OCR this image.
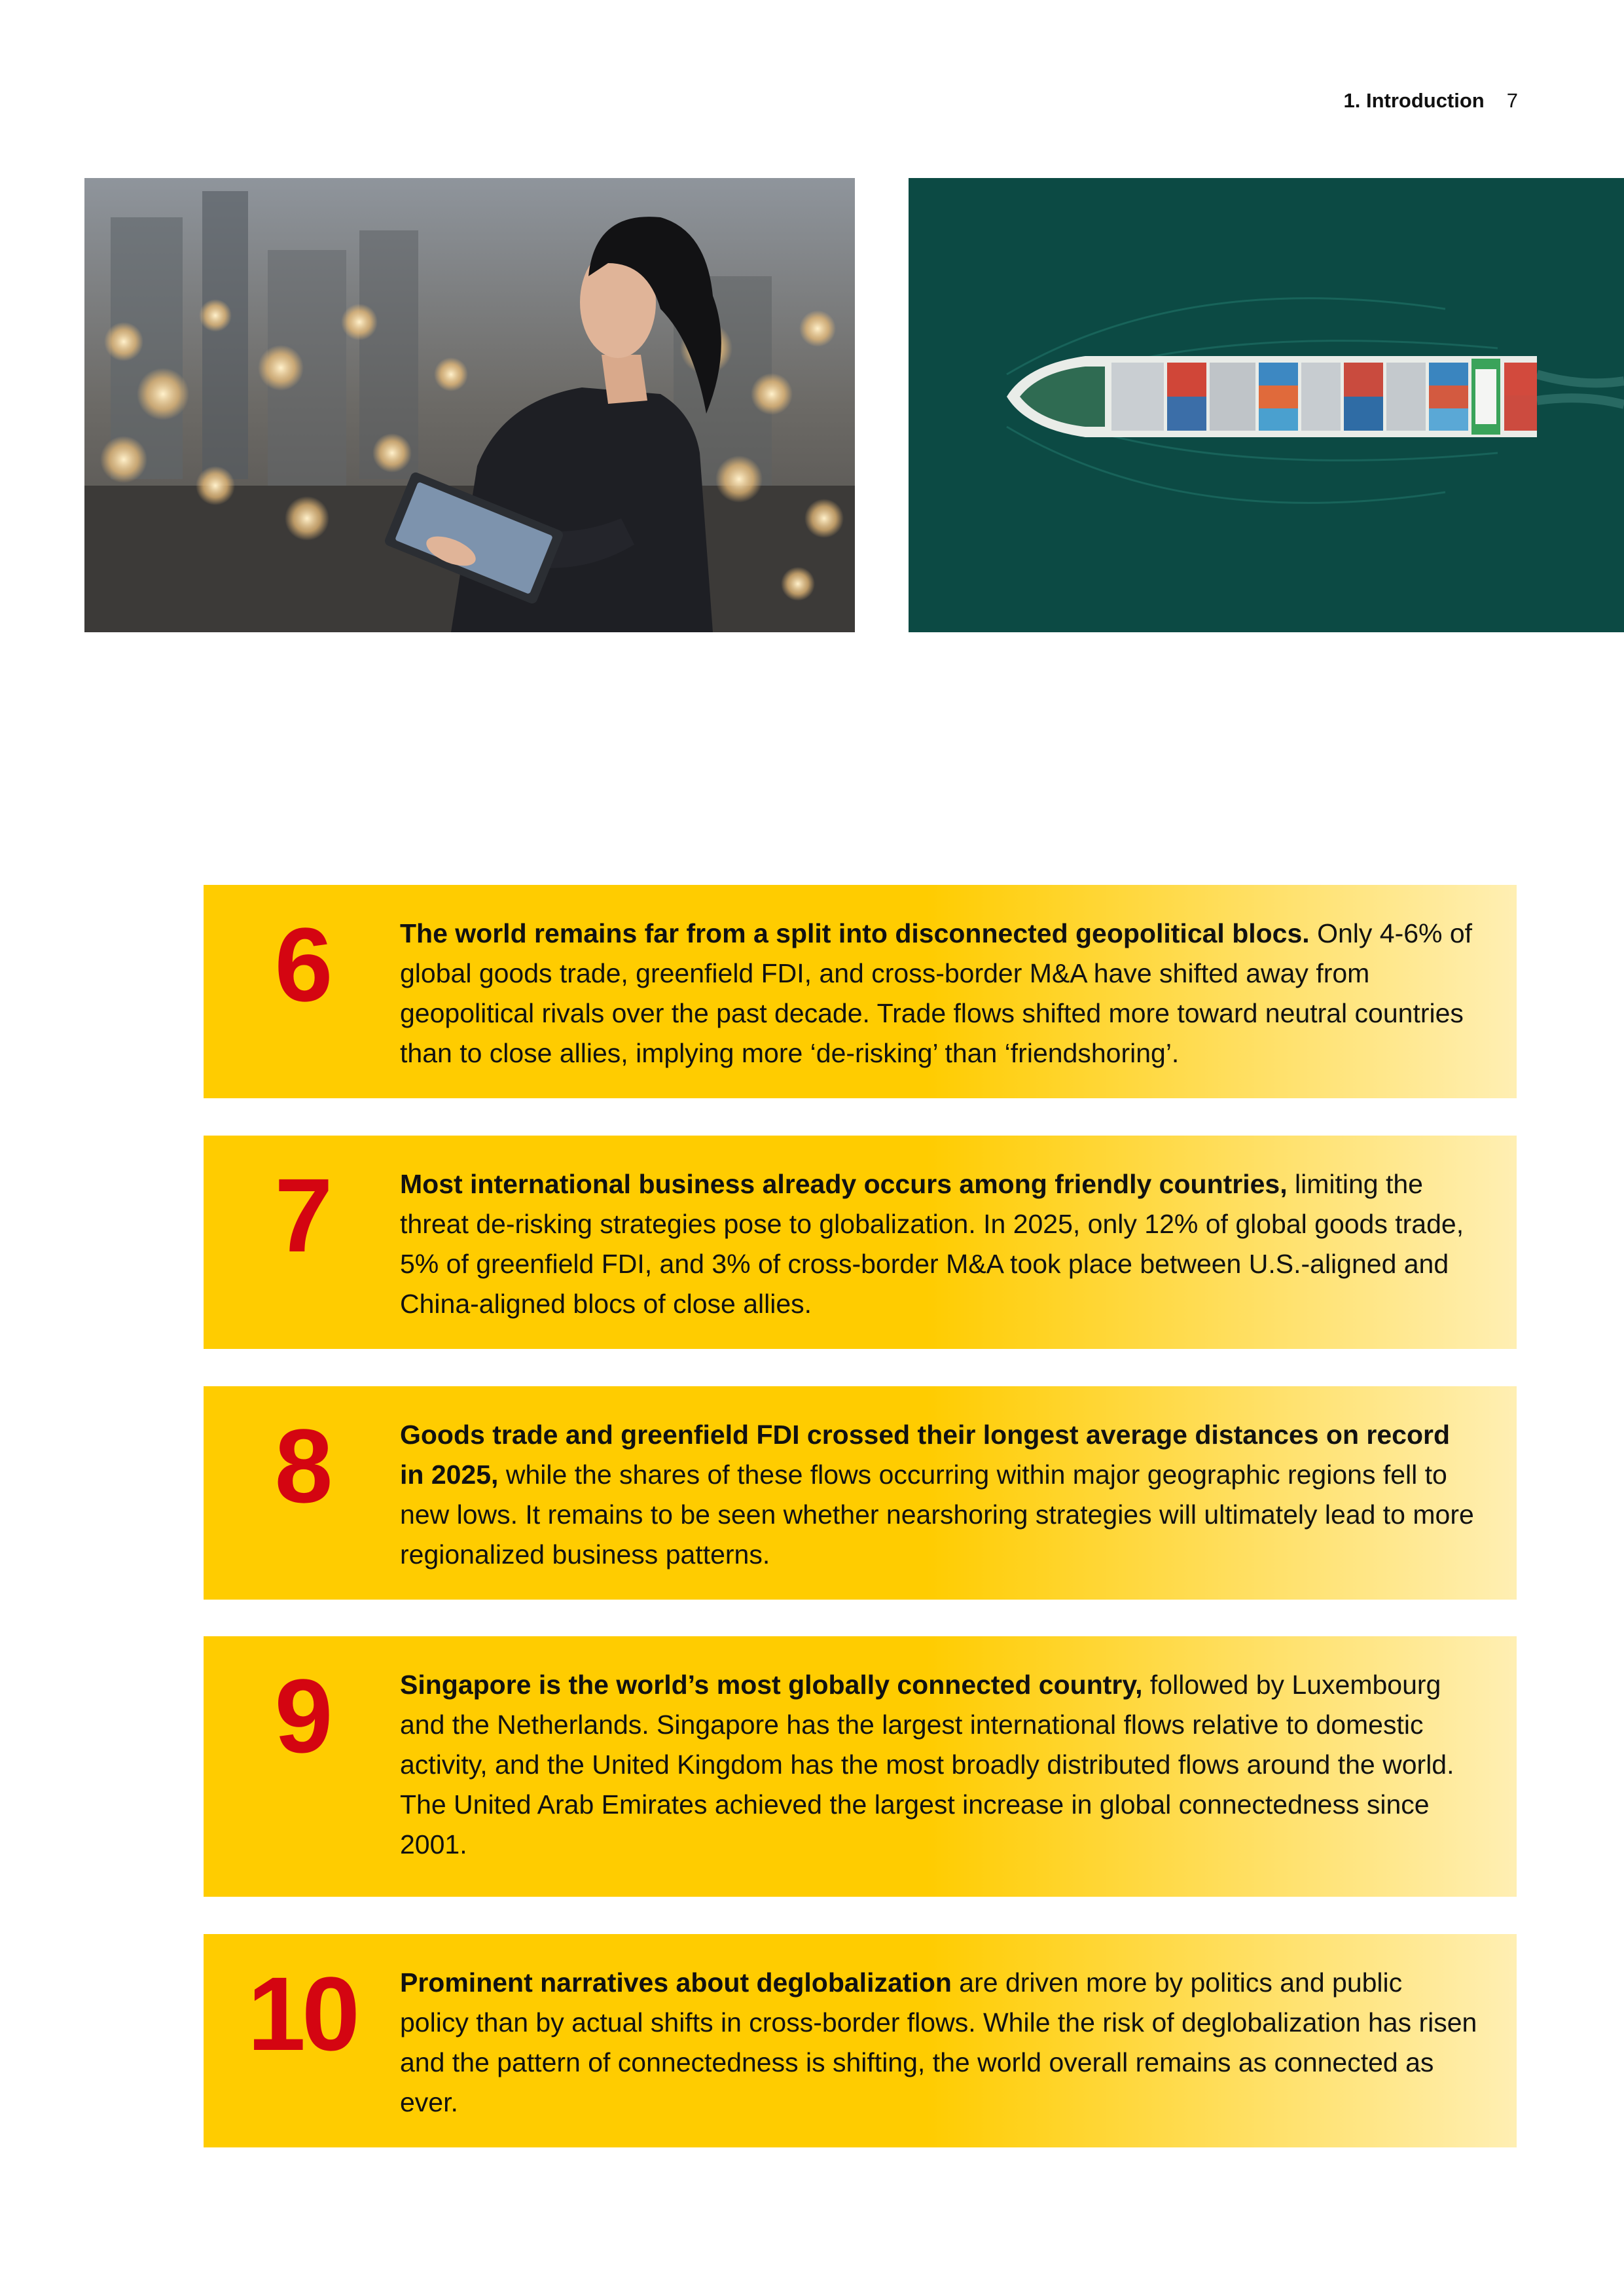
1. Introduction 7
6	The world remains far from a split into disconnected geopolitical blocs. Only 4-6% of global goods trade, greenfield FDI, and cross-border M&A have shifted away from geopolitical rivals over the past decade. Trade flows shifted more toward neutral countries than to close allies, implying more ‘de-risking’ than ‘friendshoring’.
7	Most international business already occurs among friendly countries, limiting the threat de-risking strategies pose to globalization. In 2025, only 12% of global goods trade, 5% of greenfield FDI, and 3% of cross-border M&A took place between U.S.-aligned and China-aligned blocs of close allies.
8	Goods trade and greenfield FDI crossed their longest average distances on record in 2025, while the shares of these flows occurring within major geographic regions fell to new lows. It remains to be seen whether nearshoring strategies will ultimately lead to more regionalized business patterns.
9	Singapore is the world’s most globally connected country, followed by Luxembourg and the Netherlands. Singapore has the largest international flows relative to domestic activity, and the United Kingdom has the most broadly distributed flows around the world. The United Arab Emirates achieved the largest increase in global connectedness since 2001.
10	Prominent narratives about deglobalization are driven more by politics and public policy than by actual shifts in cross-border flows. While the risk of deglobalization has risen and the pattern of connectedness is shifting, the world overall remains as connected as ever.
